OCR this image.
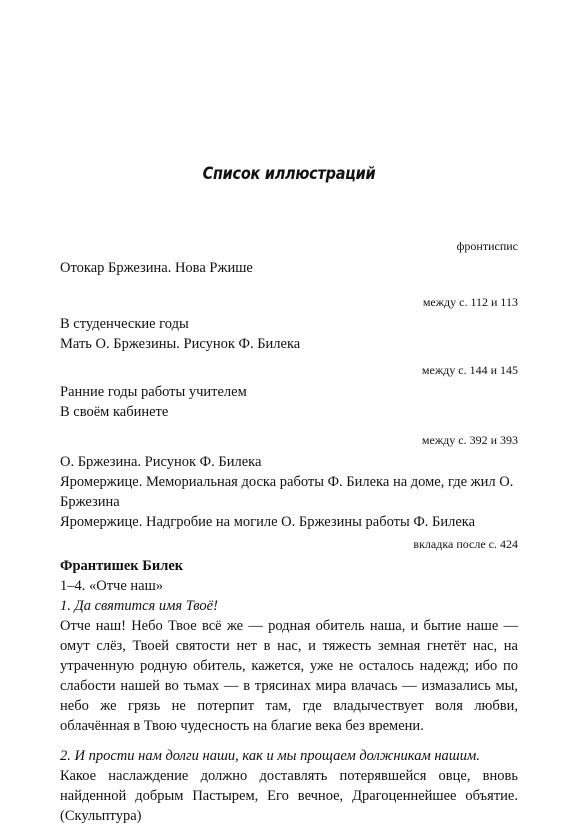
Список иллюстраций
фронтиспис
Отокар Бржезина. Нова Ржише
между с. 112 и 113
В студенческие годы
Мать О. Бржезины. Рисунок Ф. Билека
между с. 144 и 145
Ранние годы работы учителем
В своём кабинете
между с. 392 и 393
О. Бржезина. Рисунок Ф. Билека
Яромержице. Мемориальная доска работы Ф. Билека на доме, где жил О. Бржезина
Яромержице. Надгробие на могиле О. Бржезины работы Ф. Билека
вкладка после с. 424
Франтишек Билек
1–4. «Отче наш»
1. Да святится имя Твоё!
Отче наш! Небо Твое всё же — родная обитель наша, и бытие наше — омут слёз, Твоей святости нет в нас, и тяжесть земная гнетёт нас, на утраченную родную обитель, кажется, уже не осталось надежд; ибо по слабости нашей во тьмах — в трясинах мира влачась — измазались мы, небо же грязь не потерпит там, где владычествует воля любви, облачённая в Твою чудесность на благие века без времени.
2. И прости нам долги наши, как и мы прощаем должникам нашим.
Какое наслаждение должно доставлять потерявшейся овце, вновь найденной добрым Пастырем, Его вечное, Драгоценнейшее объятие. (Скульптура)
